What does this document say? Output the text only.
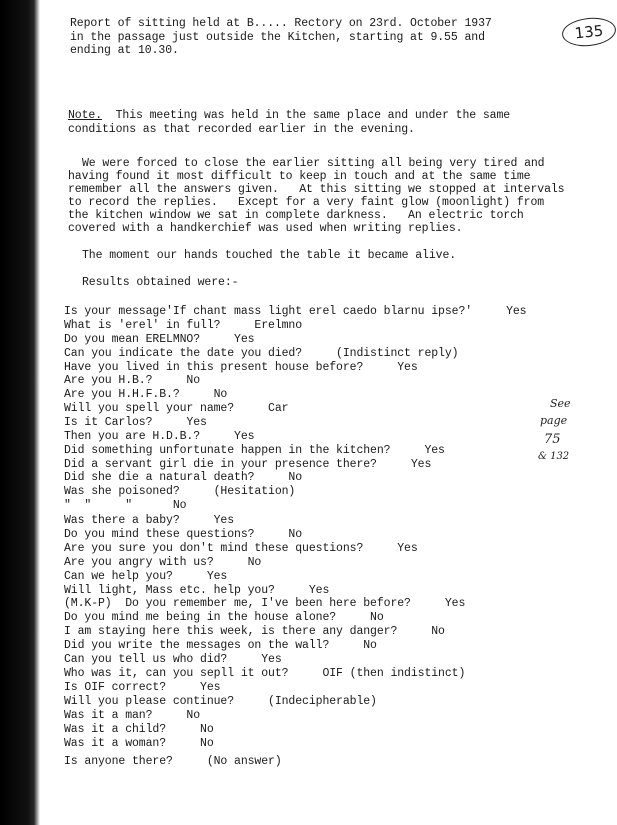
135
Report of sitting held at B..... Rectory on 23rd. October 1937
in the passage just outside the Kitchen, starting at 9.55 and
ending at 10.30.
Note. This meeting was held in the same place and under the same
conditions as that recorded earlier in the evening.
We were forced to close the earlier sitting all being very tired and
having found it most difficult to keep in touch and at the same time
remember all the answers given.   At this sitting we stopped at intervals
to record the replies.   Except for a very faint glow (moonlight) from
the kitchen window we sat in complete darkness.   An electric torch
covered with a handkerchief was used when writing replies.
The moment our hands touched the table it became alive.
Results obtained were:-
Is your message'If chant mass light erel caedo blarnu ipse?'     Yes
What is 'erel' in full?     Erelmno
Do you mean ERELMNO?     Yes
Can you indicate the date you died?     (Indistinct reply)
Have you lived in this present house before?     Yes
Are you H.B.?     No
Are you H.H.F.B.?     No
Will you spell your name?     Car
Is it Carlos?     Yes
Then you are H.D.B.?     Yes
Did something unfortunate happen in the kitchen?     Yes
Did a servant girl die in your presence there?     Yes
Did she die a natural death?     No
Was she poisoned?     (Hesitation)
"  "     "      No
Was there a baby?     Yes
Do you mind these questions?     No
Are you sure you don't mind these questions?     Yes
Are you angry with us?     No
Can we help you?     Yes
Will light, Mass etc. help you?     Yes
(M.K-P)  Do you remember me, I've been here before?     Yes
Do you mind me being in the house alone?     No
I am staying here this week, is there any danger?     No
Did you write the messages on the wall?     No
Can you tell us who did?     Yes
Who was it, can you sepll it out?     OIF (then indistinct)
Is OIF correct?     Yes
Will you please continue?     (Indecipherable)
Was it a man?     No
Was it a child?     No
Was it a woman?     No
Is anyone there?     (No answer)
See
page
75
& 132
